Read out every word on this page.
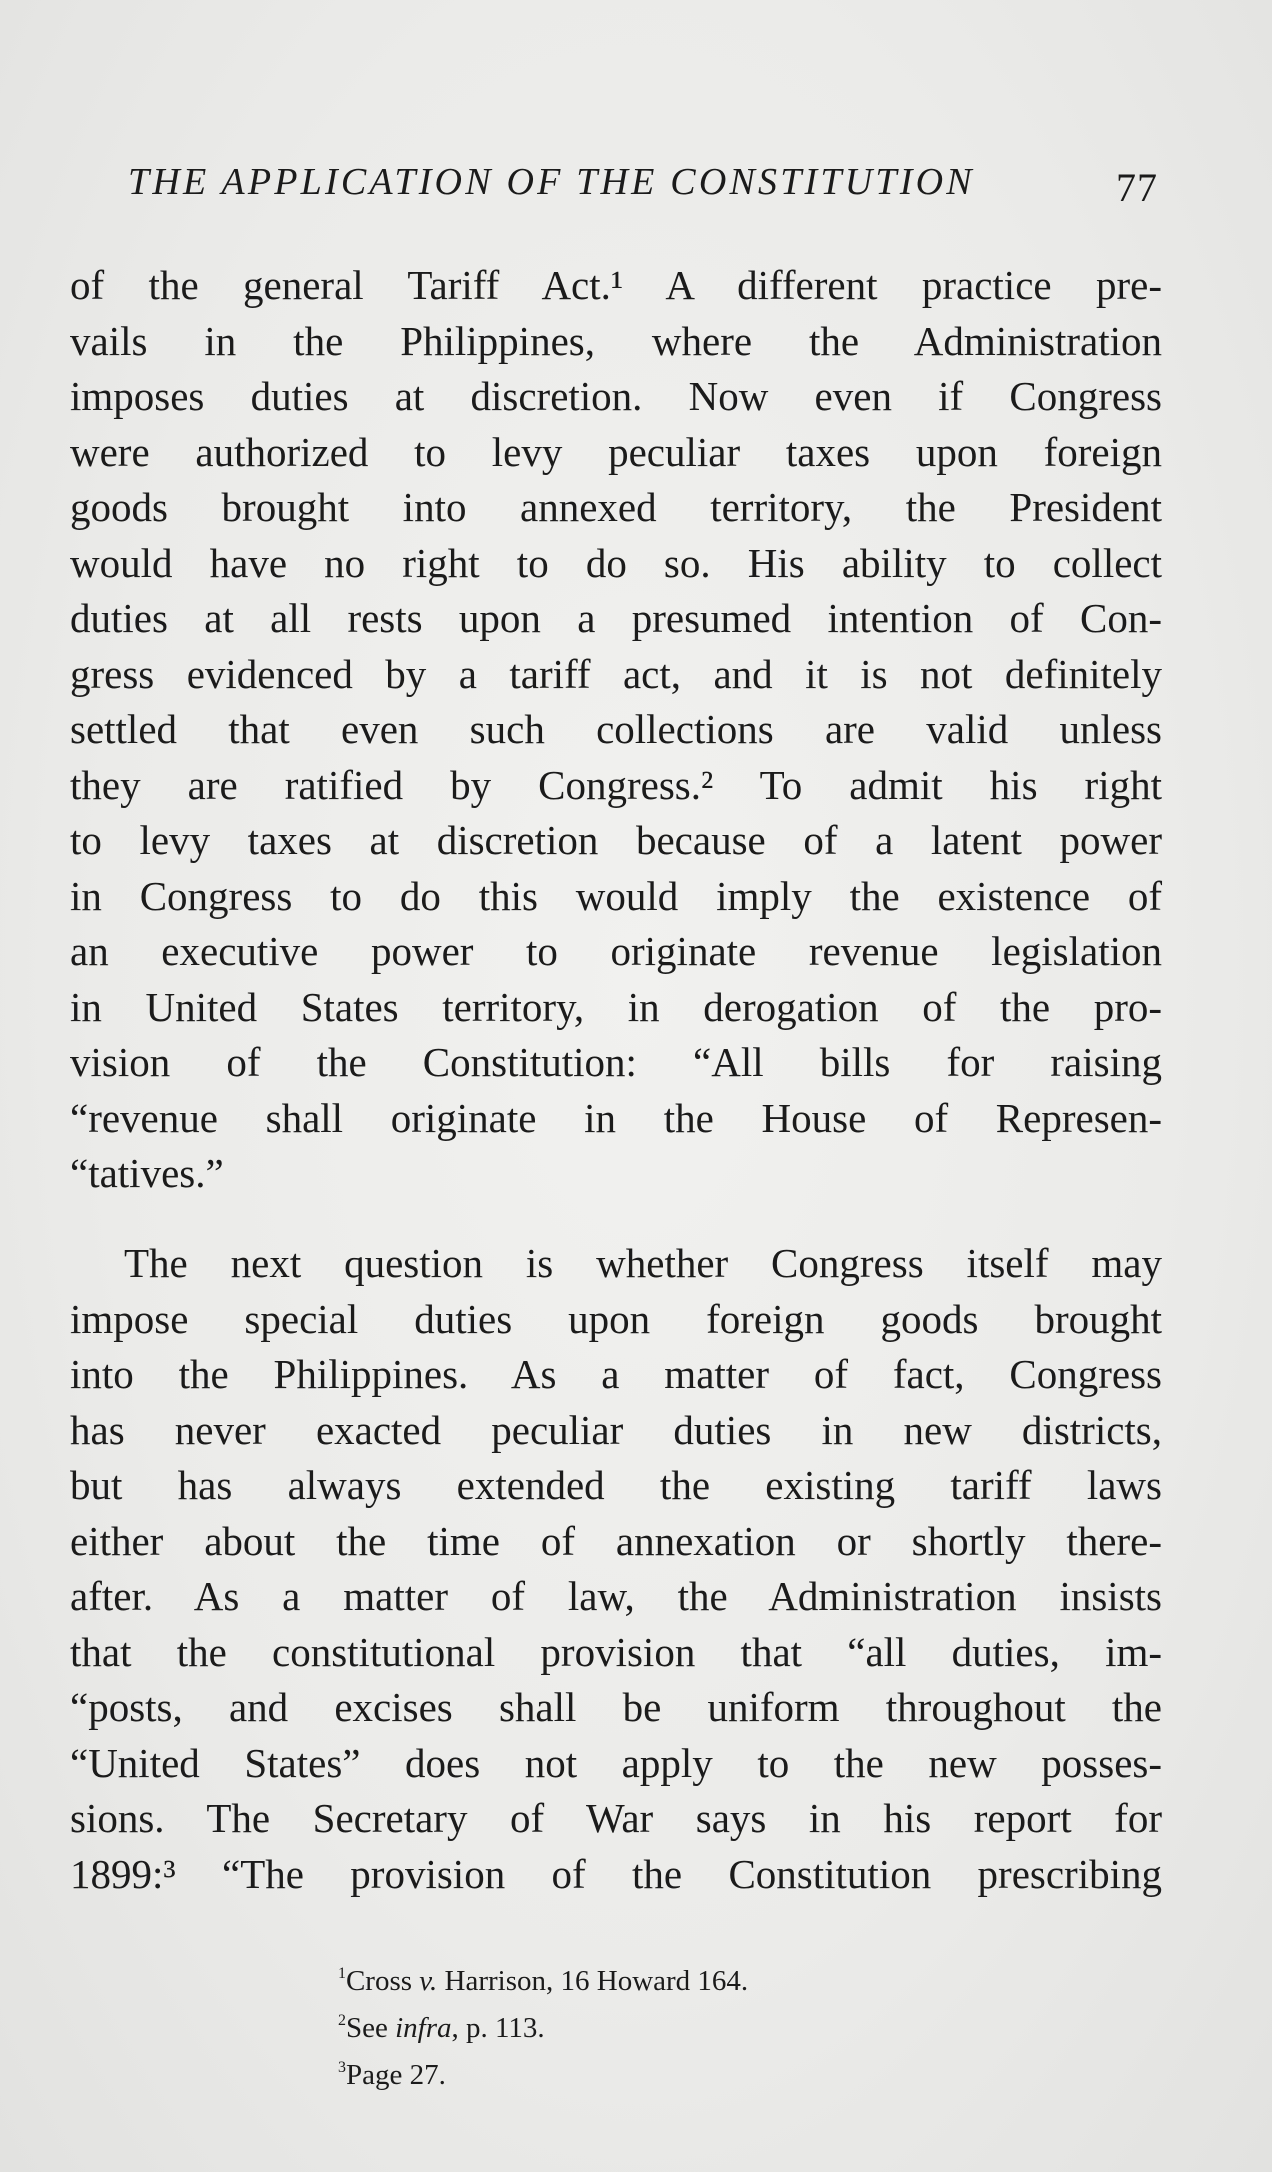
THE APPLICATION OF THE CONSTITUTION	77
of the general Tariff Act.¹ A different practice pre-
vails in the Philippines, where the Administration
imposes duties at discretion. Now even if Congress
were authorized to levy peculiar taxes upon foreign
goods brought into annexed territory, the President
would have no right to do so. His ability to collect
duties at all rests upon a presumed intention of Con-
gress evidenced by a tariff act, and it is not definitely
settled that even such collections are valid unless
they are ratified by Congress.² To admit his right
to levy taxes at discretion because of a latent power
in Congress to do this would imply the existence of
an executive power to originate revenue legislation
in United States territory, in derogation of the pro-
vision of the Constitution: “All bills for raising
“revenue shall originate in the House of Represen-
“tatives.”
The next question is whether Congress itself may
impose special duties upon foreign goods brought
into the Philippines. As a matter of fact, Congress
has never exacted peculiar duties in new districts,
but has always extended the existing tariff laws
either about the time of annexation or shortly there-
after. As a matter of law, the Administration insists
that the constitutional provision that “all duties, im-
“posts, and excises shall be uniform throughout the
“United States” does not apply to the new posses-
sions. The Secretary of War says in his report for
1899:³ “The provision of the Constitution prescribing
$^1$Cross v. Harrison, 16 Howard 164.
$^2$See infra, p. 113.
$^3$Page 27.
